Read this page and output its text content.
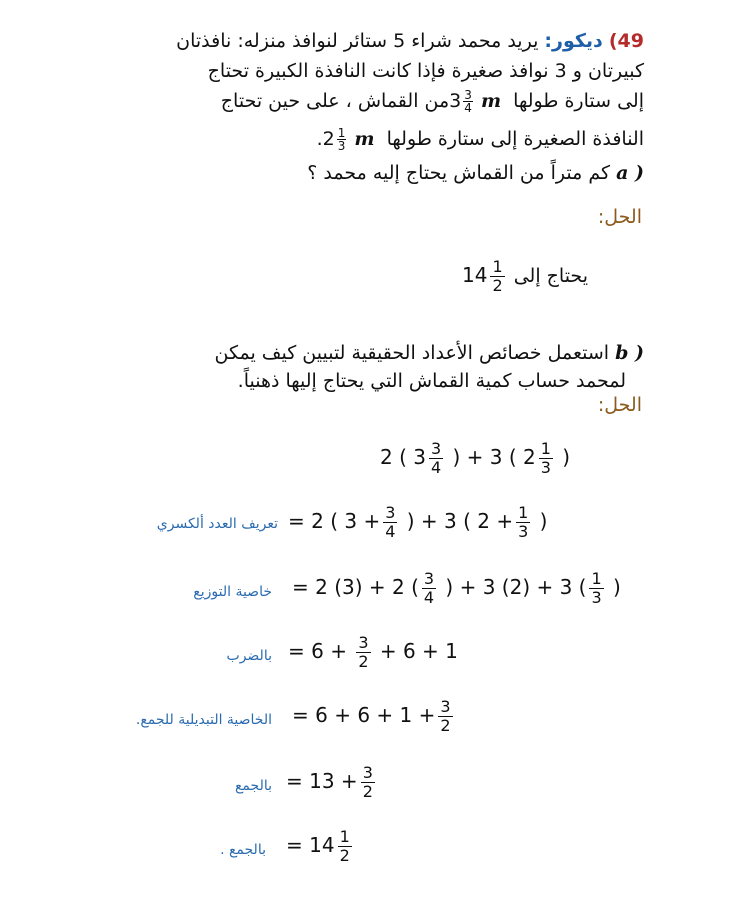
49) ديكور: يريد محمد شراء 5 ستائر لنوافذ منزله: نافذتان
كبيرتان و 3 نوافذ صغيرة فإذا كانت النافذة الكبيرة تحتاج
إلى ستارة طولها $3 \frac{3}{4}$ m من القماش ، على حين تحتاج
النافذة الصغيرة إلى ستارة طولها $2 \frac{1}{3}$ m .
a ) كم متراً من القماش يحتاج إليه محمد ؟
الحل:
يحتاج إلى $14 \frac{1}{2}$
b ) استعمل خصائص الأعداد الحقيقية لتبيين كيف يمكن
لمحمد حساب كمية القماش التي يحتاج إليها ذهنياً.
الحل:
تعريف العدد ألكسري
خاصية التوزيع
بالضرب
الخاصية التبديلية للجمع.
بالجمع
بالجمع .
2 ( $3 \frac{3}{4}$ ) + 3 ( $2 \frac{1}{3}$ )
= 2 ( $3 + \frac{3}{4}$ ) + 3 ( $2 + \frac{1}{3}$ )
= 2 (3) + 2 ( $\frac{3}{4}$ ) + 3 (2) + 3 ( $\frac{1}{3}$ )
= $6 + \frac{3}{2} + 6 + 1$
= $6 + 6 + 1 + \frac{3}{2}$
= $13 + \frac{3}{2}$
= $14 \frac{1}{2}$
